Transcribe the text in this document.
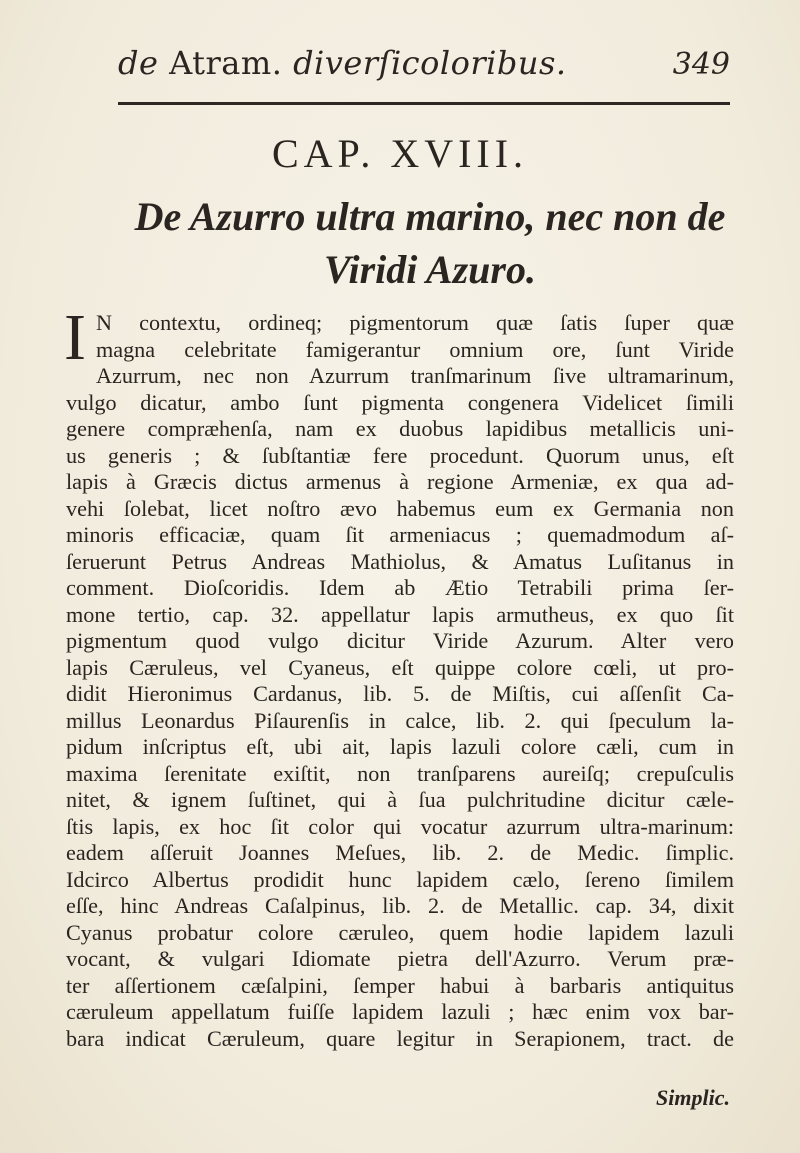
de Atram. diverſicoloribus.	349
CAP. XVIII.
De Azurro ultra marino, nec non de
Viridi Azuro.
I N contextu, ordineq; pigmentorum quæ ſatis ſuper quæ
magna celebritate famigerantur omnium ore, ſunt Viride
Azurrum, nec non Azurrum tranſmarinum ſive ultramarinum,
vulgo dicatur, ambo ſunt pigmenta congenera Videlicet ſimili
genere compræhenſa, nam ex duobus lapidibus metallicis uni-
us generis ; & ſubſtantiæ fere procedunt. Quorum unus, eſt
lapis à Græcis dictus armenus à regione Armeniæ, ex qua ad-
vehi ſolebat, licet noſtro ævo habemus eum ex Germania non
minoris efficaciæ, quam ſit armeniacus ; quemadmodum aſ-
ſeruerunt Petrus Andreas Mathiolus, & Amatus Luſitanus in
comment. Dioſcoridis. Idem ab Ætio Tetrabili prima ſer-
mone tertio, cap. 32. appellatur lapis armutheus, ex quo ſit
pigmentum quod vulgo dicitur Viride Azurum. Alter vero
lapis Cæruleus, vel Cyaneus, eſt quippe colore cœli, ut pro-
didit Hieronimus Cardanus, lib. 5. de Miſtis, cui aſſenſit Ca-
millus Leonardus Piſaurenſis in calce, lib. 2. qui ſpeculum la-
pidum inſcriptus eſt, ubi ait, lapis lazuli colore cæli, cum in
maxima ſerenitate exiſtit, non tranſparens aureiſq; crepuſculis
nitet, & ignem ſuſtinet, qui à ſua pulchritudine dicitur cæle-
ſtis lapis, ex hoc ſit color qui vocatur azurrum ultra-marinum:
eadem aſſeruit Joannes Meſues, lib. 2. de Medic. ſimplic.
Idcirco Albertus prodidit hunc lapidem cælo, ſereno ſimilem
eſſe, hinc Andreas Caſalpinus, lib. 2. de Metallic. cap. 34, dixit
Cyanus probatur colore cæruleo, quem hodie lapidem lazuli
vocant, & vulgari Idiomate pietra dell'Azurro. Verum præ-
ter aſſertionem cæſalpini, ſemper habui à barbaris antiquitus
cæruleum appellatum fuiſſe lapidem lazuli ; hæc enim vox bar-
bara indicat Cæruleum, quare legitur in Serapionem, tract. de
Simplic.
